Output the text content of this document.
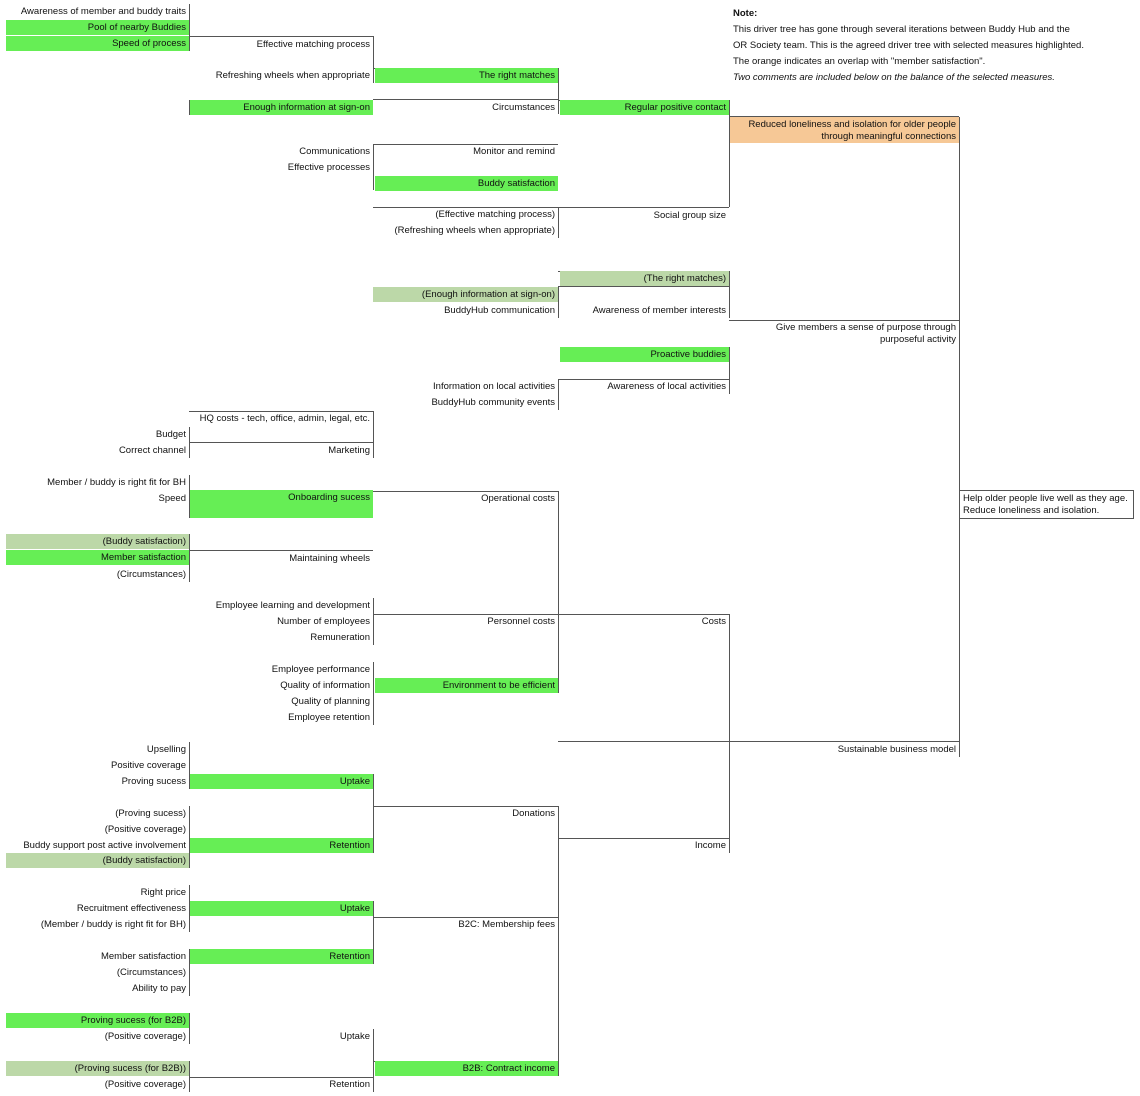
Note:
This driver tree has gone through several iterations between Buddy Hub and the
OR Society team. This is the agreed driver tree with selected measures highlighted.
The orange indicates an overlap with "member satisfaction".
Two comments are included below on the balance of the selected measures.
Awareness of member and buddy traits
Pool of nearby Buddies
Speed of process
Enough information at sign-on
HQ costs - tech, office, admin, legal, etc.
Budget
Correct channel
Member / buddy is right fit for BH
Speed
(Buddy satisfaction)
Member satisfaction
(Circumstances)
Upselling
Positive coverage
Proving sucess
(Proving sucess)
(Positive coverage)
Buddy support post active involvement
(Buddy satisfaction)
Right price
Recruitment effectiveness
(Member / buddy is right fit for BH)
Member satisfaction
(Circumstances)
Ability to pay
Proving sucess (for B2B)
(Positive coverage)
(Proving sucess (for B2B))
(Positive coverage)
Effective matching process
Refreshing wheels when appropriate
Communications
Effective processes
(Effective matching process)
(Refreshing wheels when appropriate)
(Enough information at sign-on)
BuddyHub communication
Information on local activities
BuddyHub community events
Marketing
Onboarding sucess
Maintaining wheels
Employee learning and development
Number of employees
Remuneration
Employee performance
Quality of information
Quality of planning
Employee retention
Uptake
Retention
Uptake
Retention
Uptake
Retention
The right matches
Circumstances
Monitor and remind
Buddy satisfaction
Operational costs
Personnel costs
Environment to be efficient
Donations
B2C: Membership fees
B2B: Contract income
Regular positive contact
Social group size
(The right matches)
Awareness of member interests
Proactive buddies
Awareness of local activities
Costs
Income
Reduced loneliness and isolation for older people through meaningful connections
Give members a sense of purpose through purposeful activity
Sustainable business model
Help older people live well as they age. Reduce loneliness and isolation.
